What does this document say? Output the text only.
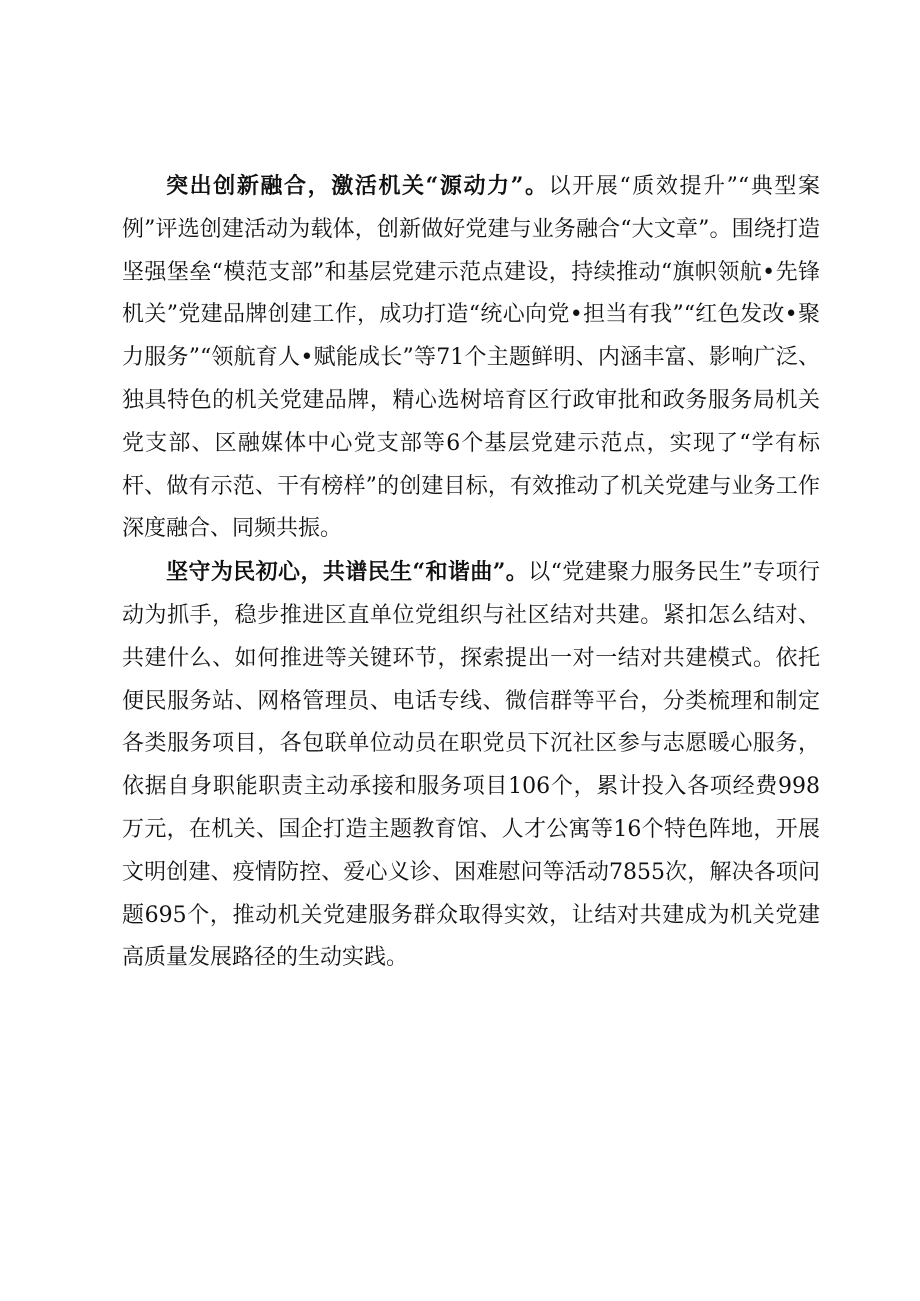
突出创新融合，激活机关“源动力”。以开展“质效提升”“典型案例”评选创建活动为载体，创新做好党建与业务融合“大文章”。围绕打造坚强堡垒“模范支部”和基层党建示范点建设，持续推动“旗帜领航•先锋机关”党建品牌创建工作，成功打造“统心向党•担当有我”“红色发改•聚力服务”“领航育人•赋能成长”等71个主题鲜明、内涵丰富、影响广泛、独具特色的机关党建品牌，精心选树培育区行政审批和政务服务局机关党支部、区融媒体中心党支部等6个基层党建示范点，实现了“学有标杆、做有示范、干有榜样”的创建目标，有效推动了机关党建与业务工作深度融合、同频共振。

坚守为民初心，共谱民生“和谐曲”。以“党建聚力服务民生”专项行动为抓手，稳步推进区直单位党组织与社区结对共建。紧扣怎么结对、共建什么、如何推进等关键环节，探索提出一对一结对共建模式。依托便民服务站、网格管理员、电话专线、微信群等平台，分类梳理和制定各类服务项目，各包联单位动员在职党员下沉社区参与志愿暖心服务，依据自身职能职责主动承接和服务项目106个，累计投入各项经费998万元，在机关、国企打造主题教育馆、人才公寓等16个特色阵地，开展文明创建、疫情防控、爱心义诊、困难慰问等活动7855次，解决各项问题695个，推动机关党建服务群众取得实效，让结对共建成为机关党建高质量发展路径的生动实践。
